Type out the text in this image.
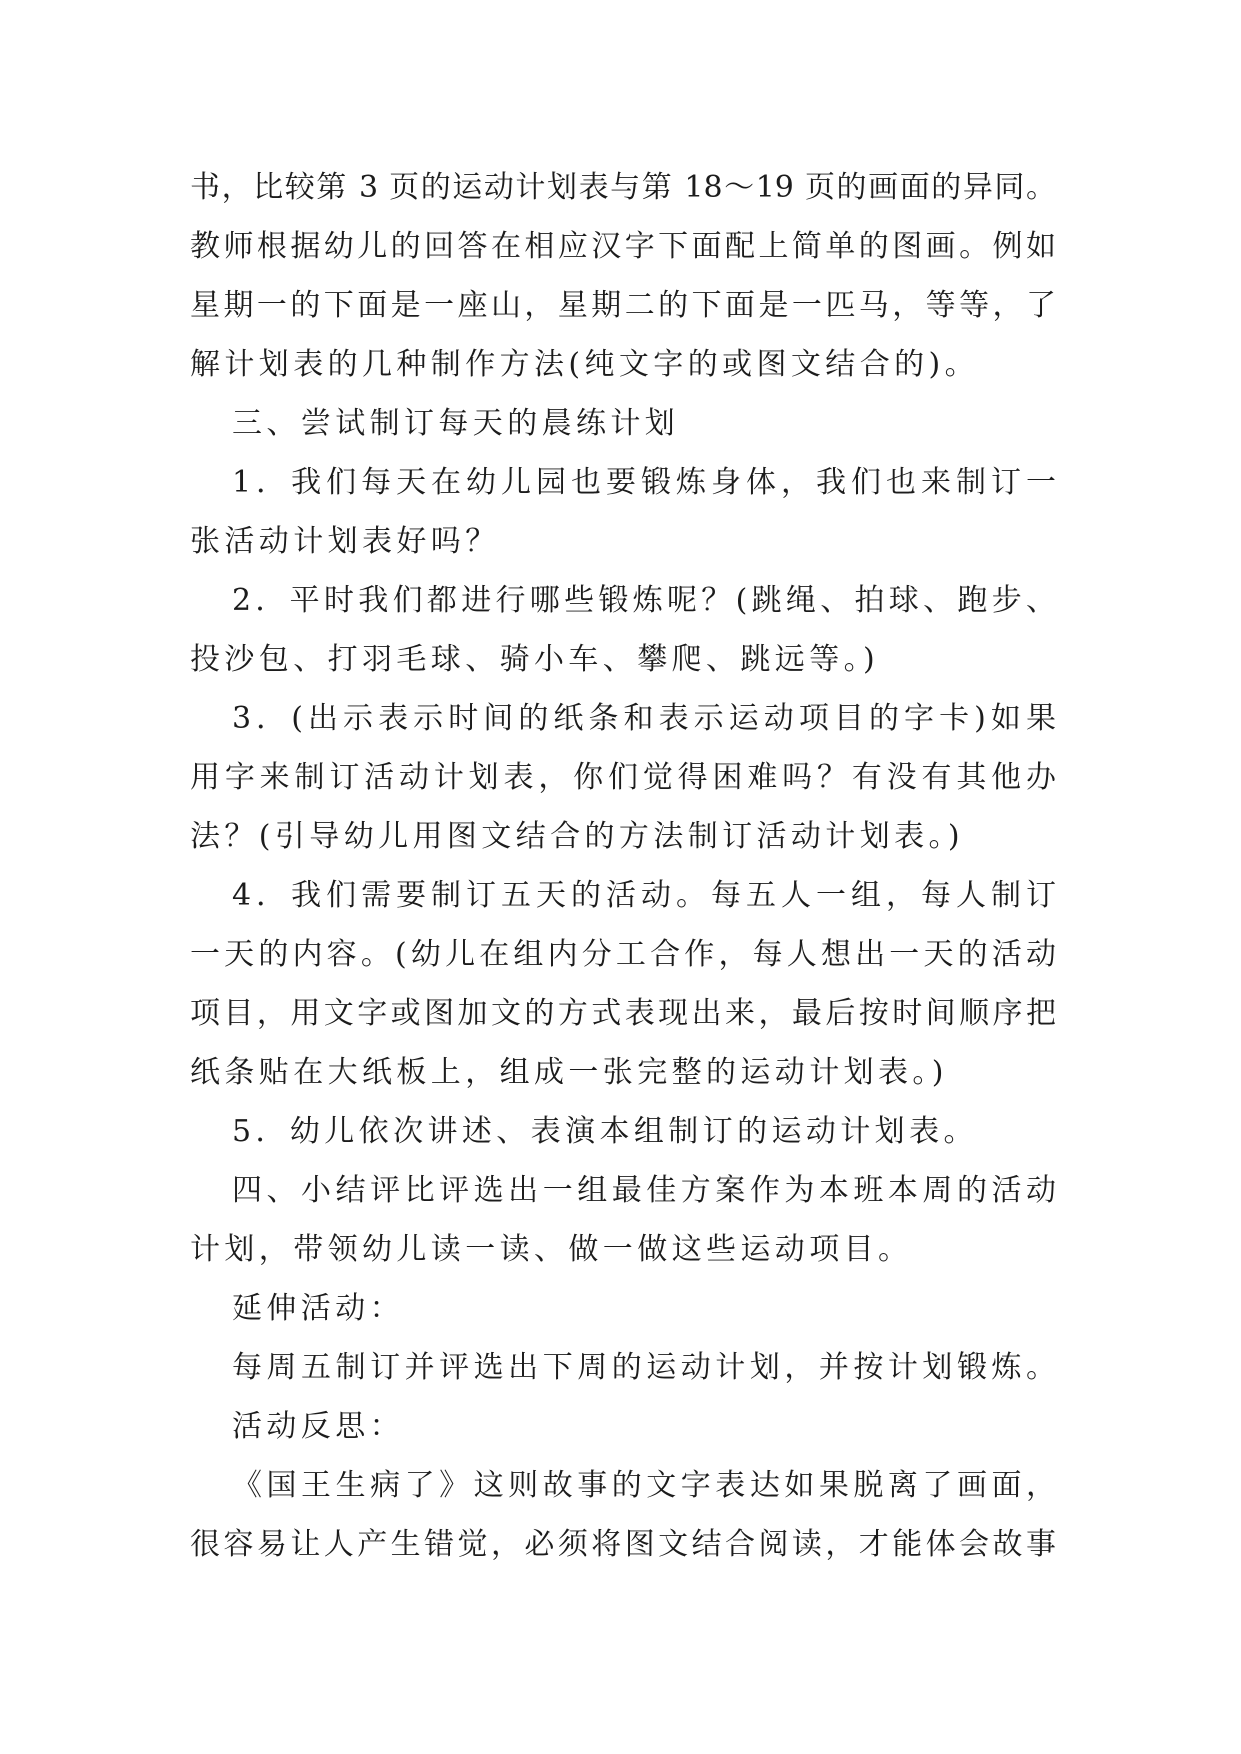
书，比较第 3 页的运动计划表与第 18～19 页的画面的异同。
教师根据幼儿的回答在相应汉字下面配上简单的图画。例如
星期一的下面是一座山，星期二的下面是一匹马，等等，了
解计划表的几种制作方法(纯文字的或图文结合的)。
三、尝试制订每天的晨练计划
1．我们每天在幼儿园也要锻炼身体，我们也来制订一
张活动计划表好吗？
2．平时我们都进行哪些锻炼呢？(跳绳、拍球、跑步、
投沙包、打羽毛球、骑小车、攀爬、跳远等。)
3．(出示表示时间的纸条和表示运动项目的字卡)如果
用字来制订活动计划表，你们觉得困难吗？有没有其他办
法？(引导幼儿用图文结合的方法制订活动计划表。)
4．我们需要制订五天的活动。每五人一组，每人制订
一天的内容。(幼儿在组内分工合作，每人想出一天的活动
项目，用文字或图加文的方式表现出来，最后按时间顺序把
纸条贴在大纸板上，组成一张完整的运动计划表。)
5．幼儿依次讲述、表演本组制订的运动计划表。
四、小结评比评选出一组最佳方案作为本班本周的活动
计划，带领幼儿读一读、做一做这些运动项目。
延伸活动：
每周五制订并评选出下周的运动计划，并按计划锻炼。
活动反思：
《国王生病了》这则故事的文字表达如果脱离了画面，
很容易让人产生错觉，必须将图文结合阅读，才能体会故事
